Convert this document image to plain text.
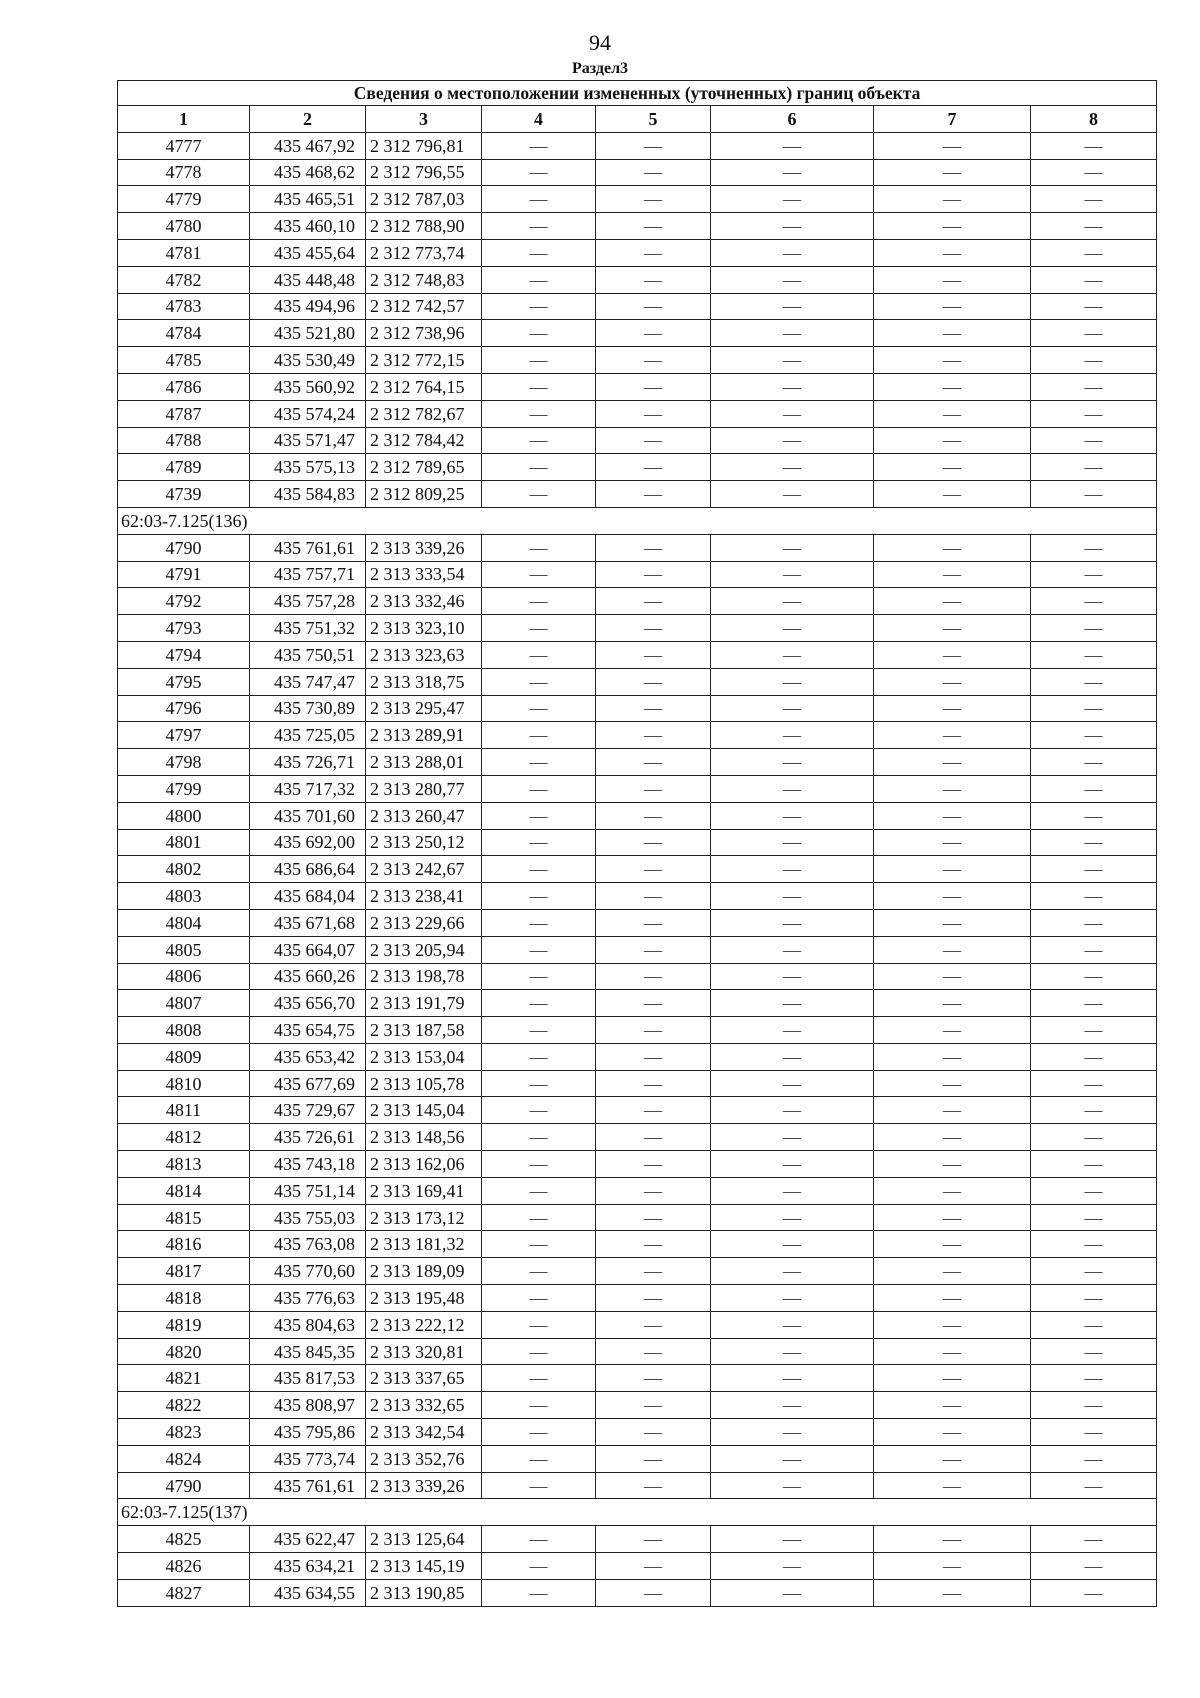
94
Раздел3
Сведения о местоположении измененных (уточненных) границ объекта							
1	2	3	4	5	6	7	8
4777	435 467,92	2 312 796,81	—	—	—	—	—
4778	435 468,62	2 312 796,55	—	—	—	—	—
4779	435 465,51	2 312 787,03	—	—	—	—	—
4780	435 460,10	2 312 788,90	—	—	—	—	—
4781	435 455,64	2 312 773,74	—	—	—	—	—
4782	435 448,48	2 312 748,83	—	—	—	—	—
4783	435 494,96	2 312 742,57	—	—	—	—	—
4784	435 521,80	2 312 738,96	—	—	—	—	—
4785	435 530,49	2 312 772,15	—	—	—	—	—
4786	435 560,92	2 312 764,15	—	—	—	—	—
4787	435 574,24	2 312 782,67	—	—	—	—	—
4788	435 571,47	2 312 784,42	—	—	—	—	—
4789	435 575,13	2 312 789,65	—	—	—	—	—
4739	435 584,83	2 312 809,25	—	—	—	—	—
62:03-7.125(136)							
4790	435 761,61	2 313 339,26	—	—	—	—	—
4791	435 757,71	2 313 333,54	—	—	—	—	—
4792	435 757,28	2 313 332,46	—	—	—	—	—
4793	435 751,32	2 313 323,10	—	—	—	—	—
4794	435 750,51	2 313 323,63	—	—	—	—	—
4795	435 747,47	2 313 318,75	—	—	—	—	—
4796	435 730,89	2 313 295,47	—	—	—	—	—
4797	435 725,05	2 313 289,91	—	—	—	—	—
4798	435 726,71	2 313 288,01	—	—	—	—	—
4799	435 717,32	2 313 280,77	—	—	—	—	—
4800	435 701,60	2 313 260,47	—	—	—	—	—
4801	435 692,00	2 313 250,12	—	—	—	—	—
4802	435 686,64	2 313 242,67	—	—	—	—	—
4803	435 684,04	2 313 238,41	—	—	—	—	—
4804	435 671,68	2 313 229,66	—	—	—	—	—
4805	435 664,07	2 313 205,94	—	—	—	—	—
4806	435 660,26	2 313 198,78	—	—	—	—	—
4807	435 656,70	2 313 191,79	—	—	—	—	—
4808	435 654,75	2 313 187,58	—	—	—	—	—
4809	435 653,42	2 313 153,04	—	—	—	—	—
4810	435 677,69	2 313 105,78	—	—	—	—	—
4811	435 729,67	2 313 145,04	—	—	—	—	—
4812	435 726,61	2 313 148,56	—	—	—	—	—
4813	435 743,18	2 313 162,06	—	—	—	—	—
4814	435 751,14	2 313 169,41	—	—	—	—	—
4815	435 755,03	2 313 173,12	—	—	—	—	—
4816	435 763,08	2 313 181,32	—	—	—	—	—
4817	435 770,60	2 313 189,09	—	—	—	—	—
4818	435 776,63	2 313 195,48	—	—	—	—	—
4819	435 804,63	2 313 222,12	—	—	—	—	—
4820	435 845,35	2 313 320,81	—	—	—	—	—
4821	435 817,53	2 313 337,65	—	—	—	—	—
4822	435 808,97	2 313 332,65	—	—	—	—	—
4823	435 795,86	2 313 342,54	—	—	—	—	—
4824	435 773,74	2 313 352,76	—	—	—	—	—
4790	435 761,61	2 313 339,26	—	—	—	—	—
62:03-7.125(137)							
4825	435 622,47	2 313 125,64	—	—	—	—	—
4826	435 634,21	2 313 145,19	—	—	—	—	—
4827	435 634,55	2 313 190,85	—	—	—	—	—
